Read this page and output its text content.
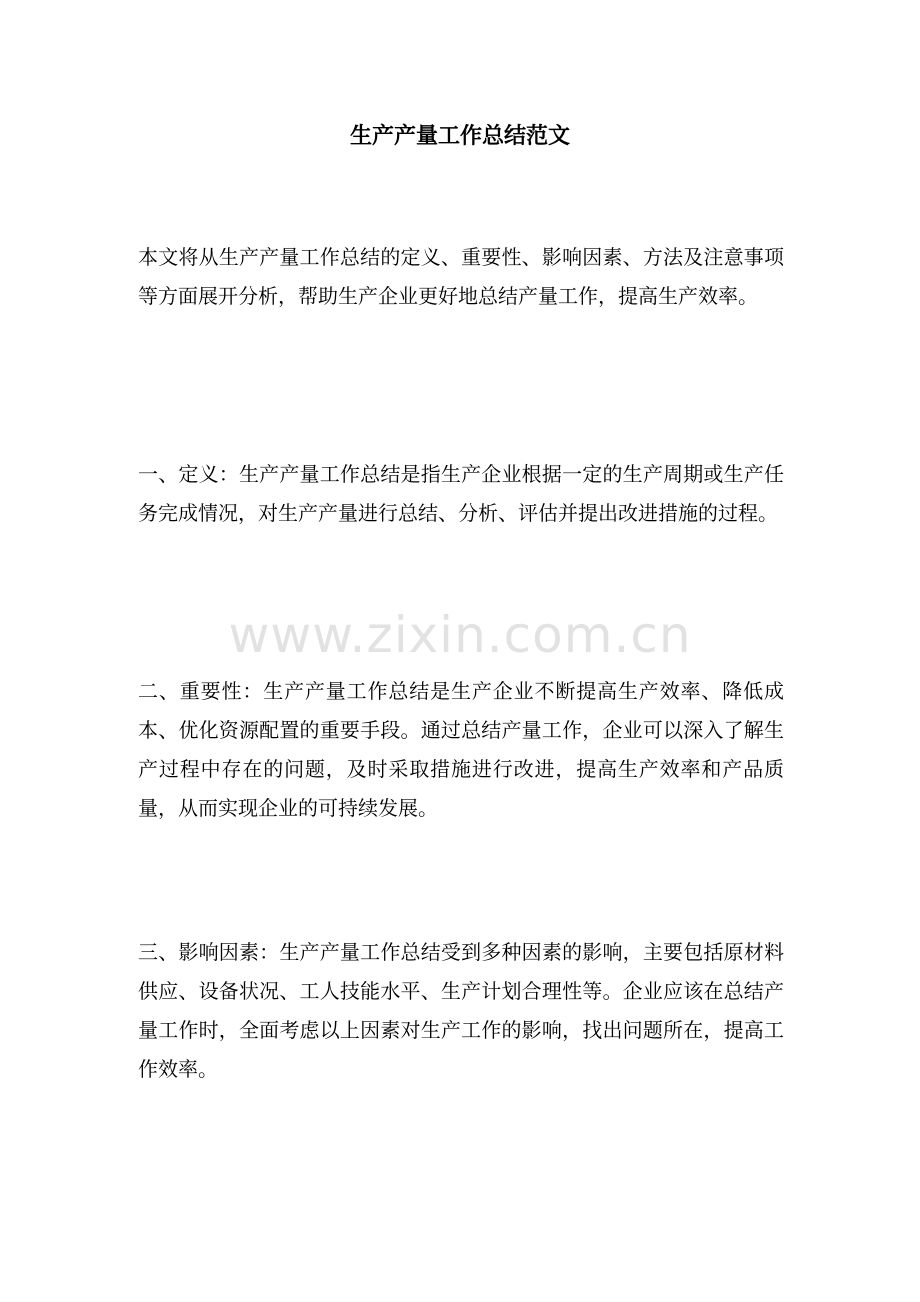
生产产量工作总结范文

本文将从生产产量工作总结的定义、重要性、影响因素、方法及注意事项等方面展开分析，帮助生产企业更好地总结产量工作，提高生产效率。

一、定义：生产产量工作总结是指生产企业根据一定的生产周期或生产任务完成情况，对生产产量进行总结、分析、评估并提出改进措施的过程。

www.zixin.com.cn

二、重要性：生产产量工作总结是生产企业不断提高生产效率、降低成本、优化资源配置的重要手段。通过总结产量工作，企业可以深入了解生产过程中存在的问题，及时采取措施进行改进，提高生产效率和产品质量，从而实现企业的可持续发展。

三、影响因素：生产产量工作总结受到多种因素的影响，主要包括原材料供应、设备状况、工人技能水平、生产计划合理性等。企业应该在总结产量工作时，全面考虑以上因素对生产工作的影响，找出问题所在，提高工作效率。
